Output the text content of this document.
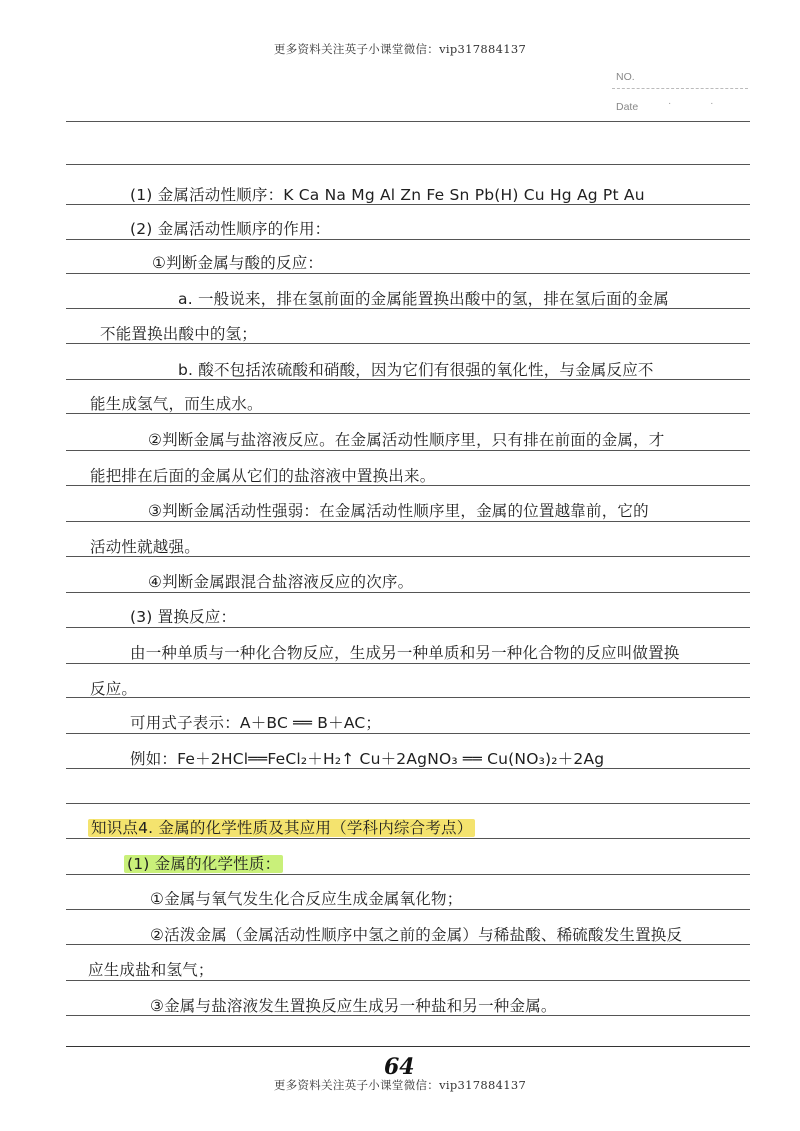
更多资料关注英子小课堂微信：vip317884137
NO.
Date	· ·
(1) 金属活动性顺序：K Ca Na Mg Al Zn Fe Sn Pb(H) Cu Hg Ag Pt Au
(2) 金属活动性顺序的作用：
①判断金属与酸的反应：
a. 一般说来，排在氢前面的金属能置换出酸中的氢，排在氢后面的金属
不能置换出酸中的氢；
b. 酸不包括浓硫酸和硝酸，因为它们有很强的氧化性，与金属反应不
能生成氢气，而生成水。
②判断金属与盐溶液反应。在金属活动性顺序里，只有排在前面的金属，才
能把排在后面的金属从它们的盐溶液中置换出来。
③判断金属活动性强弱：在金属活动性顺序里，金属的位置越靠前，它的
活动性就越强。
④判断金属跟混合盐溶液反应的次序。
(3) 置换反应：
由一种单质与一种化合物反应，生成另一种单质和另一种化合物的反应叫做置换
反应。
可用式子表示：A＋BC ══ B＋AC；
例如：Fe＋2HCl══FeCl₂＋H₂↑ Cu＋2AgNO₃ ══ Cu(NO₃)₂＋2Ag
知识点4. 金属的化学性质及其应用（学科内综合考点）
(1) 金属的化学性质：
①金属与氧气发生化合反应生成金属氧化物；
②活泼金属（金属活动性顺序中氢之前的金属）与稀盐酸、稀硫酸发生置换反
应生成盐和氢气；
③金属与盐溶液发生置换反应生成另一种盐和另一种金属。
64
更多资料关注英子小课堂微信：vip317884137
